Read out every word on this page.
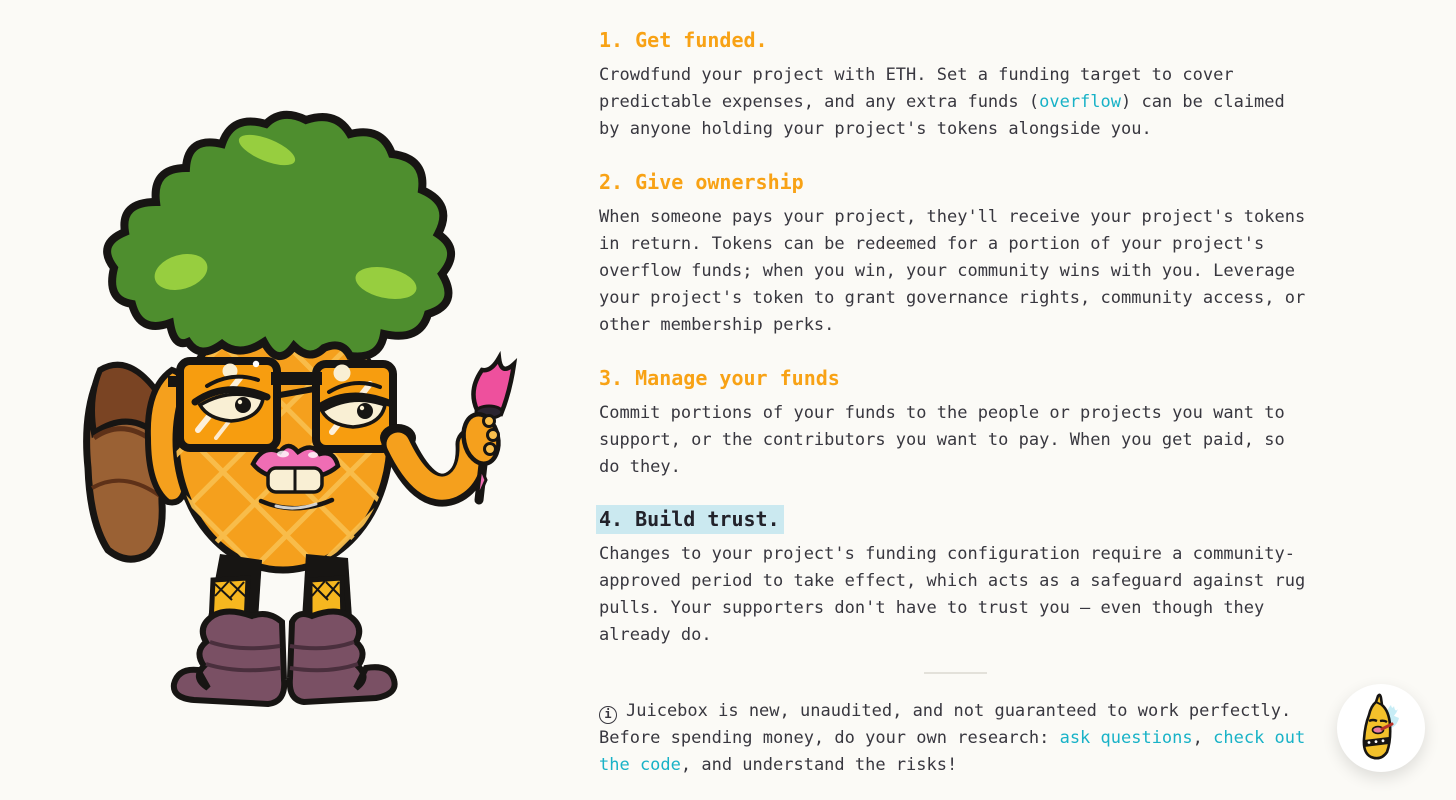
1. Get funded.

Crowdfund your project with ETH. Set a funding target to cover predictable expenses, and any extra funds (overflow) can be claimed by anyone holding your project's tokens alongside you.

2. Give ownership

When someone pays your project, they'll receive your project's tokens in return. Tokens can be redeemed for a portion of your project's overflow funds; when you win, your community wins with you. Leverage your project's token to grant governance rights, community access, or other membership perks.

3. Manage your funds

Commit portions of your funds to the people or projects you want to support, or the contributors you want to pay. When you get paid, so do they.

4. Build trust.

Changes to your project's funding configuration require a community-approved period to take effect, which acts as a safeguard against rug pulls. Your supporters don't have to trust you — even though they already do.

i Juicebox is new, unaudited, and not guaranteed to work perfectly. Before spending money, do your own research: ask questions, check out the code, and understand the risks!
